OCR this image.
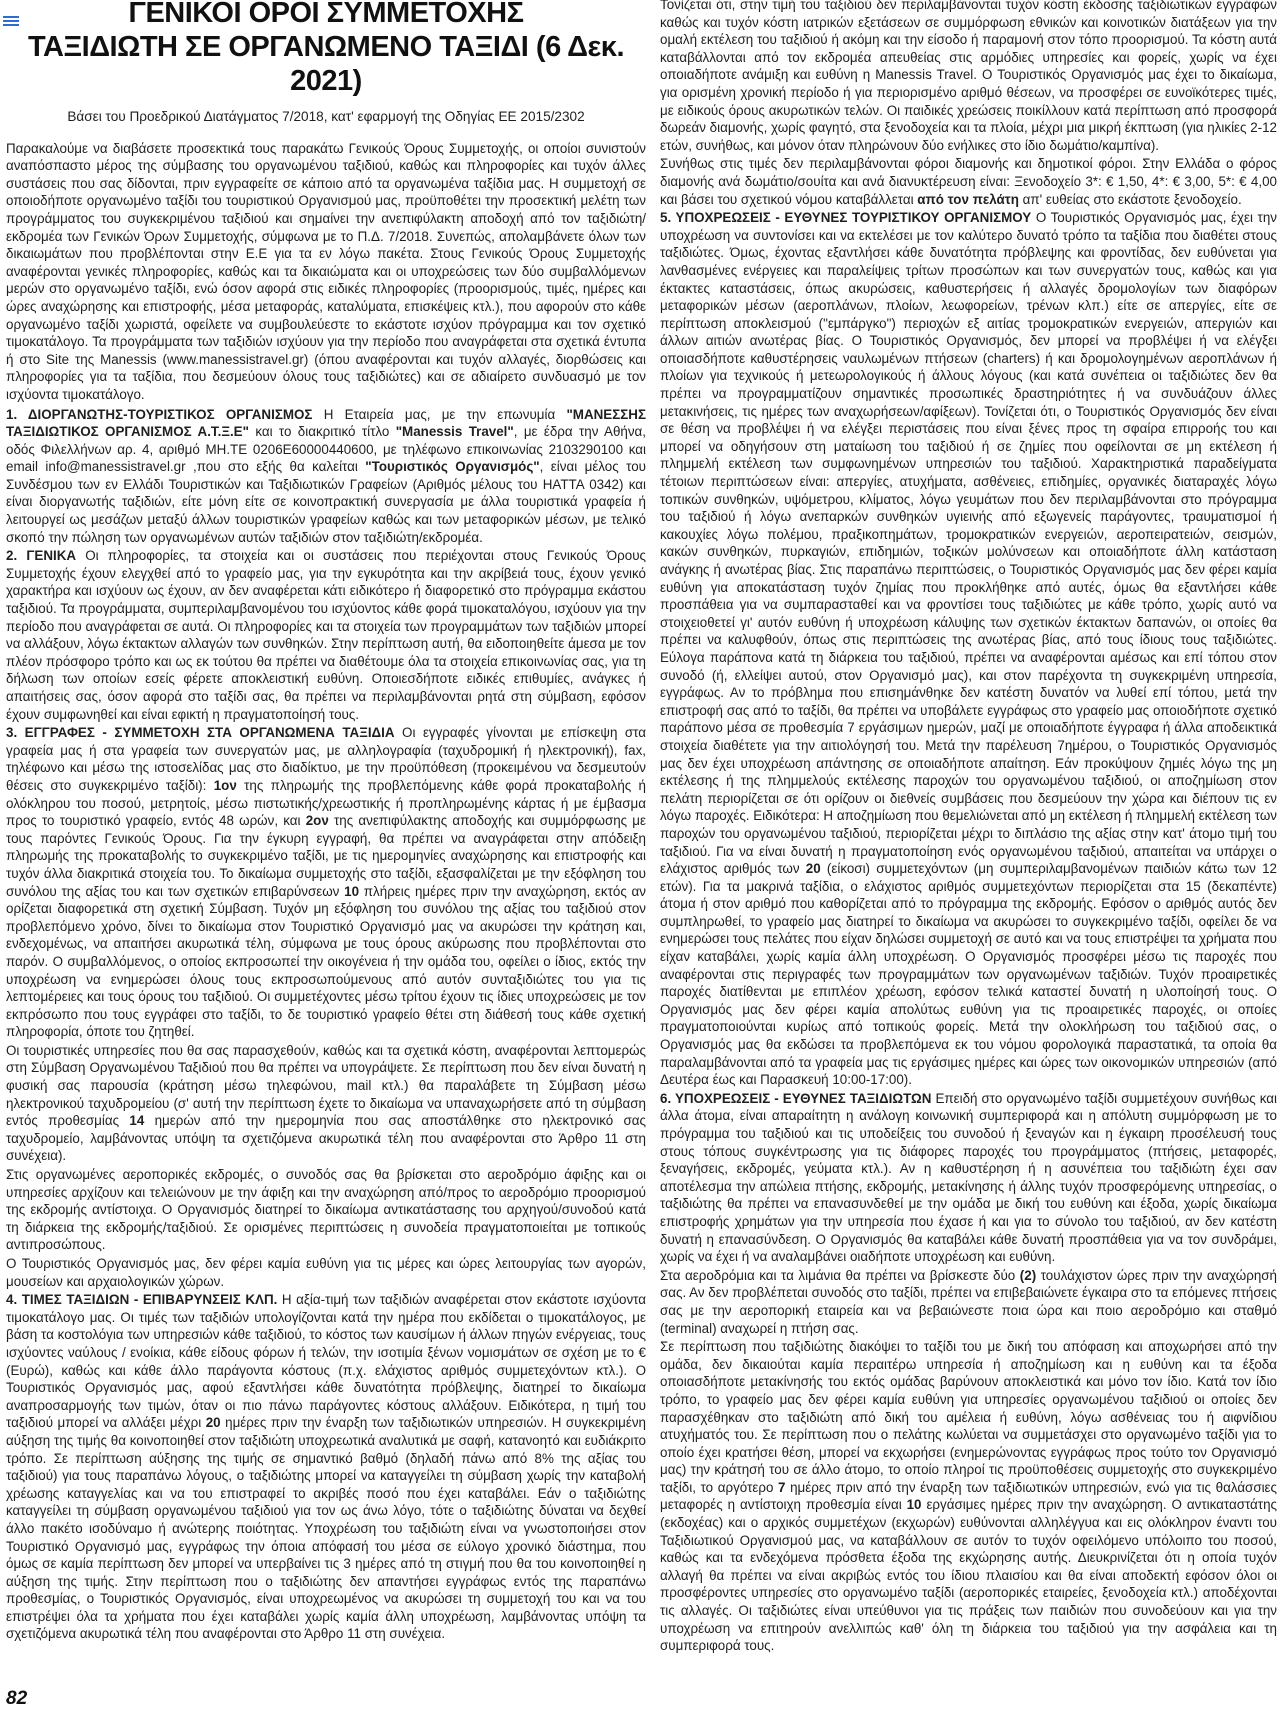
ΓΕΝΙΚΟΙ ΟΡΟΙ ΣΥΜΜΕΤΟΧΗΣ
ΤΑΞΙΔΙΩΤΗ ΣΕ ΟΡΓΑΝΩΜΕΝΟ ΤΑΞΙΔΙ (6 Δεκ. 2021)
Βάσει του Προεδρικού Διατάγματος 7/2018, κατ' εφαρμογή της Οδηγίας ΕΕ 2015/2302

Παρακαλούμε να διαβάσετε προσεκτικά τους παρακάτω Γενικούς Όρους Συμμετοχής, οι οποίοι συνιστούν αναπόσπαστο μέρος της σύμβασης του οργανωμένου ταξιδιού, καθώς και πληροφορίες και τυχόν άλλες συστάσεις που σας δίδονται, πριν εγγραφείτε σε κάποιο από τα οργανωμένα ταξίδια μας. Η συμμετοχή σε οποιοδήποτε οργανωμένο ταξίδι του τουριστικού Οργανισμού μας, προϋποθέτει την προσεκτική μελέτη των προγράμματος του συγκεκριμένου ταξιδιού και σημαίνει την ανεπιφύλακτη αποδοχή από τον ταξιδιώτη/εκδρομέα των Γενικών Όρων Συμμετοχής, σύμφωνα με το Π.Δ. 7/2018. Συνεπώς, απολαμβάνετε όλων των δικαιωμάτων που προβλέπονται στην Ε.Ε για τα εν λόγω πακέτα. Στους Γενικούς Όρους Συμμετοχής αναφέρονται γενικές πληροφορίες, καθώς και τα δικαιώματα και οι υποχρεώσεις των δύο συμβαλλόμενων μερών στο οργανωμένο ταξίδι, ενώ όσον αφορά στις ειδικές πληροφορίες (προορισμούς, τιμές, ημέρες και ώρες αναχώρησης και επιστροφής, μέσα μεταφοράς, καταλύματα, επισκέψεις κτλ.), που αφορούν στο κάθε οργανωμένο ταξίδι χωριστά, οφείλετε να συμβουλεύεστε το εκάστοτε ισχύον πρόγραμμα και τον σχετικό τιμοκατάλογο. Τα προγράμματα των ταξιδιών ισχύουν για την περίοδο που αναγράφεται στα σχετικά έντυπα ή στο Site της Manessis (www.manessistravel.gr) (όπου αναφέρονται και τυχόν αλλαγές, διορθώσεις και πληροφορίες για τα ταξίδια, που δεσμεύουν όλους τους ταξιδιώτες) και σε αδιαίρετο συνδυασμό με τον ισχύοντα τιμοκατάλογο.

1. ΔΙΟΡΓΑΝΩΤΗΣ-ΤΟΥΡΙΣΤΙΚΟΣ ΟΡΓΑΝΙΣΜΟΣ Η Εταιρεία μας, με την επωνυμία "ΜΑΝΕΣΣΗΣ ΤΑΞΙΔΙΩΤΙΚΟΣ ΟΡΓΑΝΙΣΜΟΣ Α.Τ.Ξ.Ε" και το διακριτικό τίτλο "Manessis Travel", με έδρα την Αθήνα, οδός Φιλελλήνων αρ. 4, αριθμό ΜΗ.ΤΕ 0206Ε60000440600, με τηλέφωνο επικοινωνίας 2103290100 και email info@manessistravel.gr ,που στο εξής θα καλείται "Τουριστικός Οργανισμός", είναι μέλος του Συνδέσμου των εν Ελλάδι Τουριστικών και Ταξιδιωτικών Γραφείων (Αριθμός μέλους του ΗΑΤΤΑ 0342) και είναι διοργανωτής ταξιδιών, είτε μόνη είτε σε κοινοπρακτική συνεργασία με άλλα τουριστικά γραφεία ή λειτουργεί ως μεσάζων μεταξύ άλλων τουριστικών γραφείων καθώς και των μεταφορικών μέσων, με τελικό σκοπό την πώληση των οργανωμένων αυτών ταξιδιών στον ταξιδιώτη/εκδρομέα.

2. ΓΕΝΙΚΑ Οι πληροφορίες, τα στοιχεία και οι συστάσεις που περιέχονται στους Γενικούς Όρους Συμμετοχής έχουν ελεγχθεί από το γραφείο μας, για την εγκυρότητα και την ακρίβειά τους, έχουν γενικό χαρακτήρα και ισχύουν ως έχουν, αν δεν αναφέρεται κάτι ειδικότερο ή διαφορετικό στο πρόγραμμα εκάστου ταξιδιού. Τα προγράμματα, συμπεριλαμβανομένου του ισχύοντος κάθε φορά τιμοκαταλόγου, ισχύουν για την περίοδο που αναγράφεται σε αυτά. Οι πληροφορίες και τα στοιχεία των προγραμμάτων των ταξιδιών μπορεί να αλλάξουν, λόγω έκτακτων αλλαγών των συνθηκών. Στην περίπτωση αυτή, θα ειδοποιηθείτε άμεσα με τον πλέον πρόσφορο τρόπο και ως εκ τούτου θα πρέπει να διαθέτουμε όλα τα στοιχεία επικοινωνίας σας, για τη δήλωση των οποίων εσείς φέρετε αποκλειστική ευθύνη. Οποιεσδήποτε ειδικές επιθυμίες, ανάγκες ή απαιτήσεις σας, όσον αφορά στο ταξίδι σας, θα πρέπει να περιλαμβάνονται ρητά στη σύμβαση, εφόσον έχουν συμφωνηθεί και είναι εφικτή η πραγματοποίησή τους.

3. ΕΓΓΡΑΦΕΣ - ΣΥΜΜΕΤΟΧΗ ΣΤΑ ΟΡΓΑΝΩΜΕΝΑ ΤΑΞΙΔΙΑ Οι εγγραφές γίνονται με επίσκεψη στα γραφεία μας ή στα γραφεία των συνεργατών μας, με αλληλογραφία (ταχυδρομική ή ηλεκτρονική), fax, τηλέφωνο και μέσω της ιστοσελίδας μας στο διαδίκτυο, με την προϋπόθεση (προκειμένου να δεσμευτούν θέσεις στο συγκεκριμένο ταξίδι): 1ον της πληρωμής της προβλεπόμενης κάθε φορά προκαταβολής ή ολόκληρου του ποσού, μετρητοίς, μέσω πιστωτικής/χρεωστικής ή προπληρωμένης κάρτας ή με έμβασμα προς το τουριστικό γραφείο, εντός 48 ωρών, και 2ον της ανεπιφύλακτης αποδοχής και συμμόρφωσης με τους παρόντες Γενικούς Όρους. Για την έγκυρη εγγραφή, θα πρέπει να αναγράφεται στην απόδειξη πληρωμής της προκαταβολής το συγκεκριμένο ταξίδι, με τις ημερομηνίες αναχώρησης και επιστροφής και τυχόν άλλα διακριτικά στοιχεία του. Το δικαίωμα συμμετοχής στο ταξίδι, εξασφαλίζεται με την εξόφληση του συνόλου της αξίας του και των σχετικών επιβαρύνσεων 10 πλήρεις ημέρες πριν την αναχώρηση, εκτός αν ορίζεται διαφορετικά στη σχετική Σύμβαση. Τυχόν μη εξόφληση του συνόλου της αξίας του ταξιδιού στον προβλεπόμενο χρόνο, δίνει το δικαίωμα στον Τουριστικό Οργανισμό μας να ακυρώσει την κράτηση και, ενδεχομένως, να απαιτήσει ακυρωτικά τέλη, σύμφωνα με τους όρους ακύρωσης που προβλέπονται στο παρόν. Ο συμβαλλόμενος, ο οποίος εκπροσωπεί την οικογένεια ή την ομάδα του, οφείλει ο ίδιος, εκτός την υποχρέωση να ενημερώσει όλους τους εκπροσωπούμενους από αυτόν συνταξιδιώτες του για τις λεπτομέρειες και τους όρους του ταξιδιού. Οι συμμετέχοντες μέσω τρίτου έχουν τις ίδιες υποχρεώσεις με τον εκπρόσωπο που τους εγγράφει στο ταξίδι, το δε τουριστικό γραφείο θέτει στη διάθεσή τους κάθε σχετική πληροφορία, όποτε του ζητηθεί.

Οι τουριστικές υπηρεσίες που θα σας παρασχεθούν, καθώς και τα σχετικά κόστη, αναφέρονται λεπτομερώς στη Σύμβαση Οργανωμένου Ταξιδιού που θα πρέπει να υπογράψετε. Σε περίπτωση που δεν είναι δυνατή η φυσική σας παρουσία (κράτηση μέσω τηλεφώνου, mail κτλ.) θα παραλάβετε τη Σύμβαση μέσω ηλεκτρονικού ταχυδρομείου (σ' αυτή την περίπτωση έχετε το δικαίωμα να υπαναχωρήσετε από τη σύμβαση εντός προθεσμίας 14 ημερών από την ημερομηνία που σας αποστάλθηκε στο ηλεκτρονικό σας ταχυδρομείο, λαμβάνοντας υπόψη τα σχετιζόμενα ακυρωτικά τέλη που αναφέρονται στο Άρθρο 11 στη συνέχεια).

Στις οργανωμένες αεροπορικές εκδρομές, ο συνοδός σας θα βρίσκεται στο αεροδρόμιο άφιξης και οι υπηρεσίες αρχίζουν και τελειώνουν με την άφιξη και την αναχώρηση από/προς το αεροδρόμιο προορισμού της εκδρομής αντίστοιχα. Ο Οργανισμός διατηρεί το δικαίωμα αντικατάστασης του αρχηγού/συνοδού κατά τη διάρκεια της εκδρομής/ταξιδιού. Σε ορισμένες περιπτώσεις η συνοδεία πραγματοποιείται με τοπικούς αντιπροσώπους.

Ο Τουριστικός Οργανισμός μας, δεν φέρει καμία ευθύνη για τις μέρες και ώρες λειτουργίας των αγορών, μουσείων και αρχαιολογικών χώρων.

4. ΤΙΜΕΣ ΤΑΞΙΔΙΩΝ - ΕΠΙΒΑΡΥΝΣΕΙΣ ΚΛΠ. Η αξία-τιμή των ταξιδιών αναφέρεται στον εκάστοτε ισχύοντα τιμοκατάλογο μας. Οι τιμές των ταξιδιών υπολογίζονται κατά την ημέρα που εκδίδεται ο τιμοκατάλογος, με βάση τα κοστολόγια των υπηρεσιών κάθε ταξιδιού, το κόστος των καυσίμων ή άλλων πηγών ενέργειας, τους ισχύοντες ναύλους / ενοίκια, κάθε είδους φόρων ή τελών, την ισοτιμία ξένων νομισμάτων σε σχέση με το € (Ευρώ), καθώς και κάθε άλλο παράγοντα κόστους (π.χ. ελάχιστος αριθμός συμμετεχόντων κτλ.). Ο Τουριστικός Οργανισμός μας, αφού εξαντλήσει κάθε δυνατότητα πρόβλεψης, διατηρεί το δικαίωμα αναπροσαρμογής των τιμών, όταν οι πιο πάνω παράγοντες κόστους αλλάξουν. Ειδικότερα, η τιμή του ταξιδιού μπορεί να αλλάξει μέχρι 20 ημέρες πριν την έναρξη των ταξιδιωτικών υπηρεσιών. Η συγκεκριμένη αύξηση της τιμής θα κοινοποιηθεί στον ταξιδιώτη υποχρεωτικά αναλυτικά με σαφή, κατανοητό και ευδιάκριτο τρόπο. Σε περίπτωση αύξησης της τιμής σε σημαντικό βαθμό (δηλαδή πάνω από 8% της αξίας του ταξιδιού) για τους παραπάνω λόγους, ο ταξιδιώτης μπορεί να καταγγείλει τη σύμβαση χωρίς την καταβολή χρέωσης καταγγελίας και να του επιστραφεί το ακριβές ποσό που έχει καταβάλει. Εάν ο ταξιδιώτης καταγγείλει τη σύμβαση οργανωμένου ταξιδιού για τον ως άνω λόγο, τότε ο ταξιδιώτης δύναται να δεχθεί άλλο πακέτο ισοδύναμο ή ανώτερης ποιότητας. Υποχρέωση του ταξιδιώτη είναι να γνωστοποιήσει στον Τουριστικό Οργανισμό μας, εγγράφως την όποια απόφασή του μέσα σε εύλογο χρονικό διάστημα, που όμως σε καμία περίπτωση δεν μπορεί να υπερβαίνει τις 3 ημέρες από τη στιγμή που θα του κοινοποιηθεί η αύξηση της τιμής. Στην περίπτωση που ο ταξιδιώτης δεν απαντήσει εγγράφως εντός της παραπάνω προθεσμίας, ο Τουριστικός Οργανισμός, είναι υποχρεωμένος να ακυρώσει τη συμμετοχή του και να του επιστρέψει όλα τα χρήματα που έχει καταβάλει χωρίς καμία άλλη υποχρέωση, λαμβάνοντας υπόψη τα σχετιζόμενα ακυρωτικά τέλη που αναφέρονται στο Άρθρο 11 στη συνέχεια.

Τονίζεται ότι, στην τιμή του ταξιδιού δεν περιλαμβάνονται τυχόν κόστη έκδοσης ταξιδιωτικών εγγράφων καθώς και τυχόν κόστη ιατρικών εξετάσεων σε συμμόρφωση εθνικών και κοινοτικών διατάξεων για την ομαλή εκτέλεση του ταξιδιού ή ακόμη και την είσοδο ή παραμονή στον τόπο προορισμού. Τα κόστη αυτά καταβάλλονται από τον εκδρομέα απευθείας στις αρμόδιες υπηρεσίες και φορείς, χωρίς να έχει οποιαδήποτε ανάμιξη και ευθύνη η Manessis Travel. Ο Τουριστικός Οργανισμός μας έχει το δικαίωμα, για ορισμένη χρονική περίοδο ή για περιορισμένο αριθμό θέσεων, να προσφέρει σε ευνοϊκότερες τιμές, με ειδικούς όρους ακυρωτικών τελών. Οι παιδικές χρεώσεις ποικίλλουν κατά περίπτωση από προσφορά δωρεάν διαμονής, χωρίς φαγητό, στα ξενοδοχεία και τα πλοία, μέχρι μια μικρή έκπτωση (για ηλικίες 2-12 ετών, συνήθως, και μόνον όταν πληρώνουν δύο ενήλικες στο ίδιο δωμάτιο/καμπίνα).

Συνήθως στις τιμές δεν περιλαμβάνονται φόροι διαμονής και δημοτικοί φόροι. Στην Ελλάδα ο φόρος διαμονής ανά δωμάτιο/σουίτα και ανά διανυκτέρευση είναι: Ξενοδοχείο 3*: € 1,50, 4*: € 3,00, 5*: € 4,00 και βάσει του σχετικού νόμου καταβάλλεται από τον πελάτη απ' ευθείας στο εκάστοτε ξενοδοχείο.

5. ΥΠΟΧΡΕΩΣΕΙΣ - ΕΥΘΥΝΕΣ ΤΟΥΡΙΣΤΙΚΟΥ ΟΡΓΑΝΙΣΜΟΥ Ο Τουριστικός Οργανισμός μας, έχει την υποχρέωση να συντονίσει και να εκτελέσει με τον καλύτερο δυνατό τρόπο τα ταξίδια που διαθέτει στους ταξιδιώτες. Όμως, έχοντας εξαντλήσει κάθε δυνατότητα πρόβλεψης και φροντίδας, δεν ευθύνεται για λανθασμένες ενέργειες και παραλείψεις τρίτων προσώπων και των συνεργατών τους, καθώς και για έκτακτες καταστάσεις, όπως ακυρώσεις, καθυστερήσεις ή αλλαγές δρομολογίων των διαφόρων μεταφορικών μέσων (αεροπλάνων, πλοίων, λεωφορείων, τρένων κλπ.) είτε σε απεργίες, είτε σε περίπτωση αποκλεισμού ("εμπάργκο") περιοχών εξ αιτίας τρομοκρατικών ενεργειών, απεργιών και άλλων αιτιών ανωτέρας βίας. Ο Τουριστικός Οργανισμός, δεν μπορεί να προβλέψει ή να ελέγξει οποιασδήποτε καθυστέρησεις ναυλωμένων πτήσεων (charters) ή και δρομολογημένων αεροπλάνων ή πλοίων για τεχνικούς ή μετεωρολογικούς ή άλλους λόγους (και κατά συνέπεια οι ταξιδιώτες δεν θα πρέπει να προγραμματίζουν σημαντικές προσωπικές δραστηριότητες ή να συνδυάζουν άλλες μετακινήσεις, τις ημέρες των αναχωρήσεων/αφίξεων). Τονίζεται ότι, ο Τουριστικός Οργανισμός δεν είναι σε θέση να προβλέψει ή να ελέγξει περιστάσεις που είναι ξένες προς τη σφαίρα επιρροής του και μπορεί να οδηγήσουν στη ματαίωση του ταξιδιού ή σε ζημίες που οφείλονται σε μη εκτέλεση ή πλημμελή εκτέλεση των συμφωνημένων υπηρεσιών του ταξιδιού. Χαρακτηριστικά παραδείγματα τέτοιων περιπτώσεων είναι: απεργίες, ατυχήματα, ασθένειες, επιδημίες, οργανικές διαταραχές λόγω τοπικών συνθηκών, υψόμετρου, κλίματος, λόγω γευμάτων που δεν περιλαμβάνονται στο πρόγραμμα του ταξιδιού ή λόγω ανεπαρκών συνθηκών υγιεινής από εξωγενείς παράγοντες, τραυματισμοί ή κακουχίες λόγω πολέμου, πραξικοπημάτων, τρομοκρατικών ενεργειών, αεροπειρατειών, σεισμών, κακών συνθηκών, πυρκαγιών, επιδημιών, τοξικών μολύνσεων και οποιαδήποτε άλλη κατάσταση ανάγκης ή ανωτέρας βίας. Στις παραπάνω περιπτώσεις, ο Τουριστικός Οργανισμός μας δεν φέρει καμία ευθύνη για αποκατάσταση τυχόν ζημίας που προκλήθηκε από αυτές, όμως θα εξαντλήσει κάθε προσπάθεια για να συμπαρασταθεί και να φροντίσει τους ταξιδιώτες με κάθε τρόπο, χωρίς αυτό να στοιχειοθετεί γι' αυτόν ευθύνη ή υποχρέωση κάλυψης των σχετικών έκτακτων δαπανών, οι οποίες θα πρέπει να καλυφθούν, όπως στις περιπτώσεις της ανωτέρας βίας, από τους ίδιους τους ταξιδιώτες. Εύλογα παράπονα κατά τη διάρκεια του ταξιδιού, πρέπει να αναφέρονται αμέσως και επί τόπου στον συνοδό (ή, ελλείψει αυτού, στον Οργανισμό μας), και στον παρέχοντα τη συγκεκριμένη υπηρεσία, εγγράφως. Αν το πρόβλημα που επισημάνθηκε δεν κατέστη δυνατόν να λυθεί επί τόπου, μετά την επιστροφή σας από το ταξίδι, θα πρέπει να υποβάλετε εγγράφως στο γραφείο μας οποιοδήποτε σχετικό παράπονο μέσα σε προθεσμία 7 εργάσιμων ημερών, μαζί με οποιαδήποτε έγγραφα ή άλλα αποδεικτικά στοιχεία διαθέτετε για την αιτιολόγησή του. Μετά την παρέλευση 7ημέρου, ο Τουριστικός Οργανισμός μας δεν έχει υποχρέωση απάντησης σε οποιαδήποτε απαίτηση. Εάν προκύψουν ζημιές λόγω της μη εκτέλεσης ή της πλημμελούς εκτέλεσης παροχών του οργανωμένου ταξιδιού, οι αποζημίωση στον πελάτη περιορίζεται σε ότι ορίζουν οι διεθνείς συμβάσεις που δεσμεύουν την χώρα και διέπουν τις εν λόγω παροχές. Ειδικότερα: Η αποζημίωση που θεμελιώνεται από μη εκτέλεση ή πλημμελή εκτέλεση των παροχών του οργανωμένου ταξιδιού, περιορίζεται μέχρι το διπλάσιο της αξίας στην κατ' άτομο τιμή του ταξιδιού. Για να είναι δυνατή η πραγματοποίηση ενός οργανωμένου ταξιδιού, απαιτείται να υπάρχει ο ελάχιστος αριθμός των 20 (είκοσι) συμμετεχόντων (μη συμπεριλαμβανομένων παιδιών κάτω των 12 ετών). Για τα μακρινά ταξίδια, ο ελάχιστος αριθμός συμμετεχόντων περιορίζεται στα 15 (δεκαπέντε) άτομα ή στον αριθμό που καθορίζεται από το πρόγραμμα της εκδρομής. Εφόσον ο αριθμός αυτός δεν συμπληρωθεί, το γραφείο μας διατηρεί το δικαίωμα να ακυρώσει το συγκεκριμένο ταξίδι, οφείλει δε να ενημερώσει τους πελάτες που είχαν δηλώσει συμμετοχή σε αυτό και να τους επιστρέψει τα χρήματα που είχαν καταβάλει, χωρίς καμία άλλη υποχρέωση. Ο Οργανισμός προσφέρει μέσω τις παροχές που αναφέρονται στις περιγραφές των προγραμμάτων των οργανωμένων ταξιδιών. Τυχόν προαιρετικές παροχές διατίθενται με επιπλέον χρέωση, εφόσον τελικά καταστεί δυνατή η υλοποίησή τους. Ο Οργανισμός μας δεν φέρει καμία απολύτως ευθύνη για τις προαιρετικές παροχές, οι οποίες πραγματοποιούνται κυρίως από τοπικούς φορείς. Μετά την ολοκλήρωση του ταξιδιού σας, ο Οργανισμός μας θα εκδώσει τα προβλεπόμενα εκ του νόμου φορολογικά παραστατικά, τα οποία θα παραλαμβάνονται από τα γραφεία μας τις εργάσιμες ημέρες και ώρες των οικονομικών υπηρεσιών (από Δευτέρα έως και Παρασκευή 10:00-17:00).

6. ΥΠΟΧΡΕΩΣΕΙΣ - ΕΥΘΥΝΕΣ ΤΑΞΙΔΙΩΤΩΝ Επειδή στο οργανωμένο ταξίδι συμμετέχουν συνήθως και άλλα άτομα, είναι απαραίτητη η ανάλογη κοινωνική συμπεριφορά και η απόλυτη συμμόρφωση με το πρόγραμμα του ταξιδιού και τις υποδείξεις του συνοδού ή ξεναγών και η έγκαιρη προσέλευσή τους στους τόπους συγκέντρωσης για τις διάφορες παροχές του προγράμματος (πτήσεις, μεταφορές, ξεναγήσεις, εκδρομές, γεύματα κτλ.). Αν η καθυστέρηση ή η ασυνέπεια του ταξιδιώτη έχει σαν αποτέλεσμα την απώλεια πτήσης, εκδρομής, μετακίνησης ή άλλης τυχόν προσφερόμενης υπηρεσίας, ο ταξιδιώτης θα πρέπει να επανασυνδεθεί με την ομάδα με δική του ευθύνη και έξοδα, χωρίς δικαίωμα επιστροφής χρημάτων για την υπηρεσία που έχασε ή και για το σύνολο του ταξιδιού, αν δεν κατέστη δυνατή η επανασύνδεση. Ο Οργανισμός θα καταβάλει κάθε δυνατή προσπάθεια για να τον συνδράμει, χωρίς να έχει ή να αναλαμβάνει οιαδήποτε υποχρέωση και ευθύνη.

Στα αεροδρόμια και τα λιμάνια θα πρέπει να βρίσκεστε δύο (2) τουλάχιστον ώρες πριν την αναχώρησή σας. Αν δεν προβλέπεται συνοδός στο ταξίδι, πρέπει να επιβεβαιώνετε έγκαιρα στο τα επόμενες πτήσεις σας με την αεροπορική εταιρεία και να βεβαιώνεστε ποια ώρα και ποιο αεροδρόμιο και σταθμό (terminal) αναχωρεί η πτήση σας.

Σε περίπτωση που ταξιδιώτης διακόψει το ταξίδι του με δική του απόφαση και αποχωρήσει από την ομάδα, δεν δικαιούται καμία περαιτέρω υπηρεσία ή αποζημίωση και η ευθύνη και τα έξοδα οποιασδήποτε μετακίνησής του εκτός ομάδας βαρύνουν αποκλειστικά και μόνο τον ίδιο. Κατά τον ίδιο τρόπο, το γραφείο μας δεν φέρει καμία ευθύνη για υπηρεσίες οργανωμένου ταξιδιού οι οποίες δεν παρασχέθηκαν στο ταξιδιώτη από δική του αμέλεια ή ευθύνη, λόγω ασθένειας του ή αιφνίδιου ατυχήματός του. Σε περίπτωση που ο πελάτης κωλύεται να συμμετάσχει στο οργανωμένο ταξίδι για το οποίο έχει κρατήσει θέση, μπορεί να εκχωρήσει (ενημερώνοντας εγγράφως προς τούτο τον Οργανισμό μας) την κράτησή του σε άλλο άτομο, το οποίο πληροί τις προϋποθέσεις συμμετοχής στο συγκεκριμένο ταξίδι, το αργότερο 7 ημέρες πριν από την έναρξη των ταξιδιωτικών υπηρεσιών, ενώ για τις θαλάσσιες μεταφορές η αντίστοιχη προθεσμία είναι 10 εργάσιμες ημέρες πριν την αναχώρηση. Ο αντικαταστάτης (εκδοχέας) και ο αρχικός συμμετέχων (εκχωρών) ευθύνονται αλληλέγγυα και εις ολόκληρον έναντι του Ταξιδιωτικού Οργανισμού μας, να καταβάλλουν σε αυτόν το τυχόν οφειλόμενο υπόλοιπο του ποσού, καθώς και τα ενδεχόμενα πρόσθετα έξοδα της εκχώρησης αυτής. Διευκρινίζεται ότι η οποία τυχόν αλλαγή θα πρέπει να είναι ακριβώς εντός του ίδιου πλαισίου και θα είναι αποδεκτή εφόσον όλοι οι προσφέροντες υπηρεσίες στο οργανωμένο ταξίδι (αεροπορικές εταιρείες, ξενοδοχεία κτλ.) αποδέχονται τις αλλαγές. Οι ταξιδιώτες είναι υπεύθυνοι για τις πράξεις των παιδιών που συνοδεύουν και για την υποχρέωση να επιτηρούν ανελλιπώς καθ' όλη τη διάρκεια του ταξιδιού για την ασφάλεια και τη συμπεριφορά τους.

82
